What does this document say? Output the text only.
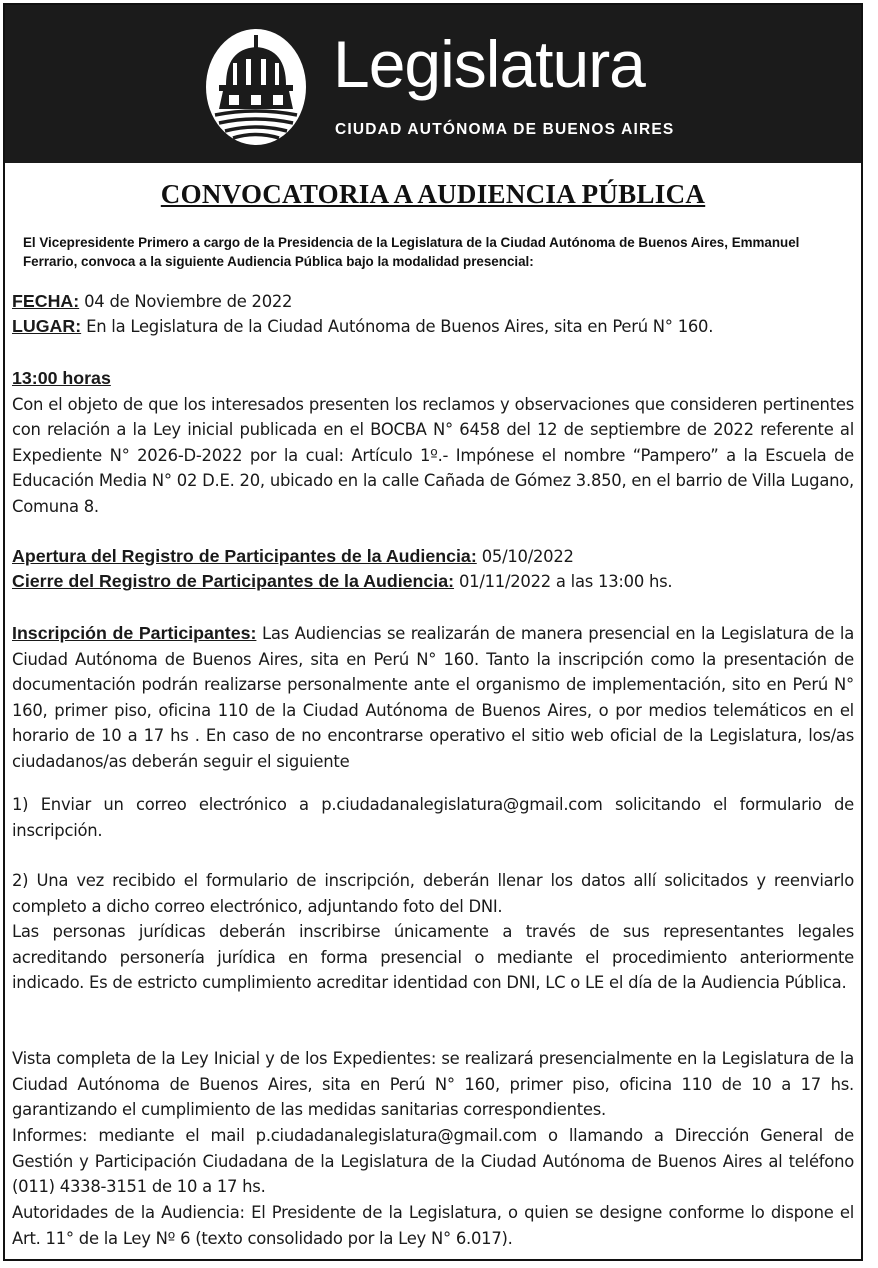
Legislatura
CIUDAD AUTÓNOMA DE BUENOS AIRES
CONVOCATORIA A AUDIENCIA PÚBLICA
El Vicepresidente Primero a cargo de la Presidencia de la Legislatura de la Ciudad Autónoma de Buenos Aires, Emmanuel Ferrario, convoca a la siguiente Audiencia Pública bajo la modalidad presencial:
FECHA: 04 de Noviembre de 2022
LUGAR: En la Legislatura de la Ciudad Autónoma de Buenos Aires, sita en Perú N° 160.
13:00 horas
Con el objeto de que los interesados presenten los reclamos y observaciones que consideren pertinentes con relación a la Ley inicial publicada en el BOCBA N° 6458 del 12 de septiembre de 2022 referente al Expediente N° 2026-D-2022 por la cual: Artículo 1º.- Impónese el nombre “Pampero” a la Escuela de Educación Media N° 02 D.E. 20, ubicado en la calle Cañada de Gómez 3.850, en el barrio de Villa Lugano, Comuna 8.
Apertura del Registro de Participantes de la Audiencia: 05/10/2022
Cierre del Registro de Participantes de la Audiencia: 01/11/2022 a las 13:00 hs.
Inscripción de Participantes: Las Audiencias se realizarán de manera presencial en la Legislatura de la Ciudad Autónoma de Buenos Aires, sita en Perú N° 160. Tanto la inscripción como la presentación de documentación podrán realizarse personalmente ante el organismo de implementación, sito en Perú N° 160, primer piso, oficina 110 de la Ciudad Autónoma de Buenos Aires, o por medios telemáticos en el horario de 10 a 17 hs . En caso de no encontrarse operativo el sitio web oficial de la Legislatura, los/as ciudadanos/as deberán seguir el siguiente
1) Enviar un correo electrónico a p.ciudadanalegislatura@gmail.com solicitando el formulario de inscripción.
2) Una vez recibido el formulario de inscripción, deberán llenar los datos allí solicitados y reenviarlo completo a dicho correo electrónico, adjuntando foto del DNI.
Las personas jurídicas deberán inscribirse únicamente a través de sus representantes legales acreditando personería jurídica en forma presencial o mediante el procedimiento anteriormente indicado. Es de estricto cumplimiento acreditar identidad con DNI, LC o LE el día de la Audiencia Pública.
Vista completa de la Ley Inicial y de los Expedientes: se realizará presencialmente en la Legislatura de la Ciudad Autónoma de Buenos Aires, sita en Perú N° 160, primer piso, oficina 110 de 10 a 17 hs. garantizando el cumplimiento de las medidas sanitarias correspondientes.
Informes: mediante el mail p.ciudadanalegislatura@gmail.com o llamando a Dirección General de Gestión y Participación Ciudadana de la Legislatura de la Ciudad Autónoma de Buenos Aires al teléfono (011) 4338-3151 de 10 a 17 hs.
Autoridades de la Audiencia: El Presidente de la Legislatura, o quien se designe conforme lo dispone el Art. 11° de la Ley Nº 6 (texto consolidado por la Ley N° 6.017).
